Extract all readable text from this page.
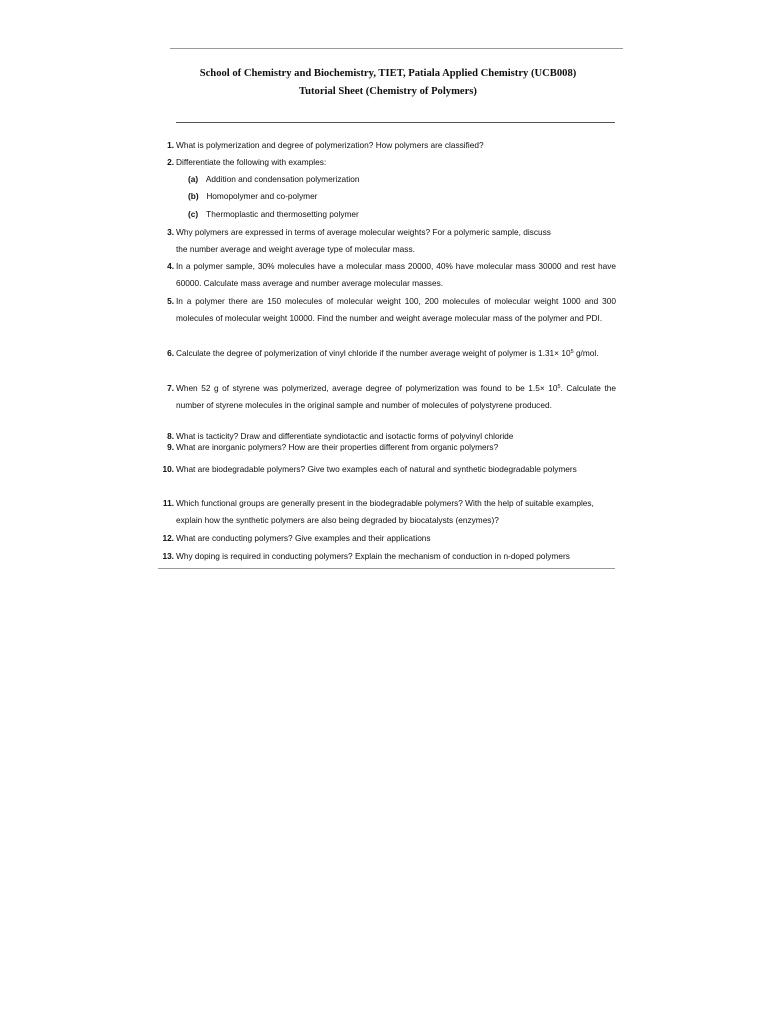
School of Chemistry and Biochemistry, TIET, Patiala Applied Chemistry (UCB008)
Tutorial Sheet (Chemistry of Polymers)
1. What is polymerization and degree of polymerization? How polymers are classified?
2. Differentiate the following with examples:
(a) Addition and condensation polymerization
(b) Homopolymer and co-polymer
(c) Thermoplastic and thermosetting polymer
3. Why polymers are expressed in terms of average molecular weights? For a polymeric sample, discuss
the number average and weight average type of molecular mass.
4. In a polymer sample, 30% molecules have a molecular mass 20000, 40% have molecular mass 30000 and rest have 60000. Calculate mass average and number average molecular masses.
5. In a polymer there are 150 molecules of molecular weight 100, 200 molecules of molecular weight 1000 and 300 molecules of molecular weight 10000. Find the number and weight average molecular mass of the polymer and PDI.
6. Calculate the degree of polymerization of vinyl chloride if the number average weight of polymer is $1.31\times 10^5$ g/mol.
7. When 52 g of styrene was polymerized, average degree of polymerization was found to be $1.5\times 10^5$. Calculate the number of styrene molecules in the original sample and number of molecules of polystyrene produced.
8. What is tacticity? Draw and differentiate syndiotactic and isotactic forms of polyvinyl chloride
9. What are inorganic polymers? How are their properties different from organic polymers?
10. What are biodegradable polymers? Give two examples each of natural and synthetic biodegradable polymers
11. Which functional groups are generally present in the biodegradable polymers? With the help of suitable examples, explain how the synthetic polymers are also being degraded by biocatalysts (enzymes)?
12. What are conducting polymers? Give examples and their applications
13. Why doping is required in conducting polymers? Explain the mechanism of conduction in n-doped polymers
